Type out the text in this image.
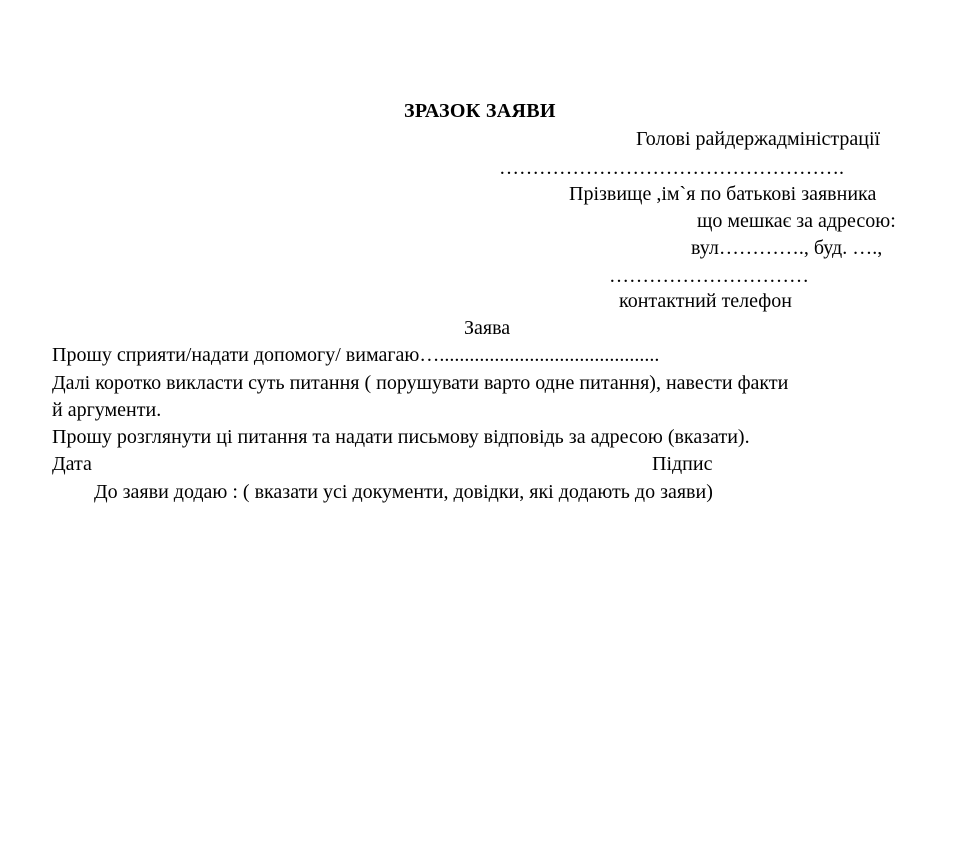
ЗРАЗОК ЗАЯВИ
Голові райдержадміністрації
…………………………………………….
Прізвище ,ім`я по батькові заявника
що мешкає за адресою:
вул…………., буд. ….,
…………………………
контактний телефон
Заява
Прошу сприяти/надати допомогу/ вимагаю…............................................
Далі коротко викласти суть питання ( порушувати варто одне питання), навести факти
й аргументи.
Прошу розглянути ці питання та надати письмову відповідь за адресою (вказати).
Дата	Підпис
До заяви додаю : ( вказати усі документи, довідки, які додають до заяви)
